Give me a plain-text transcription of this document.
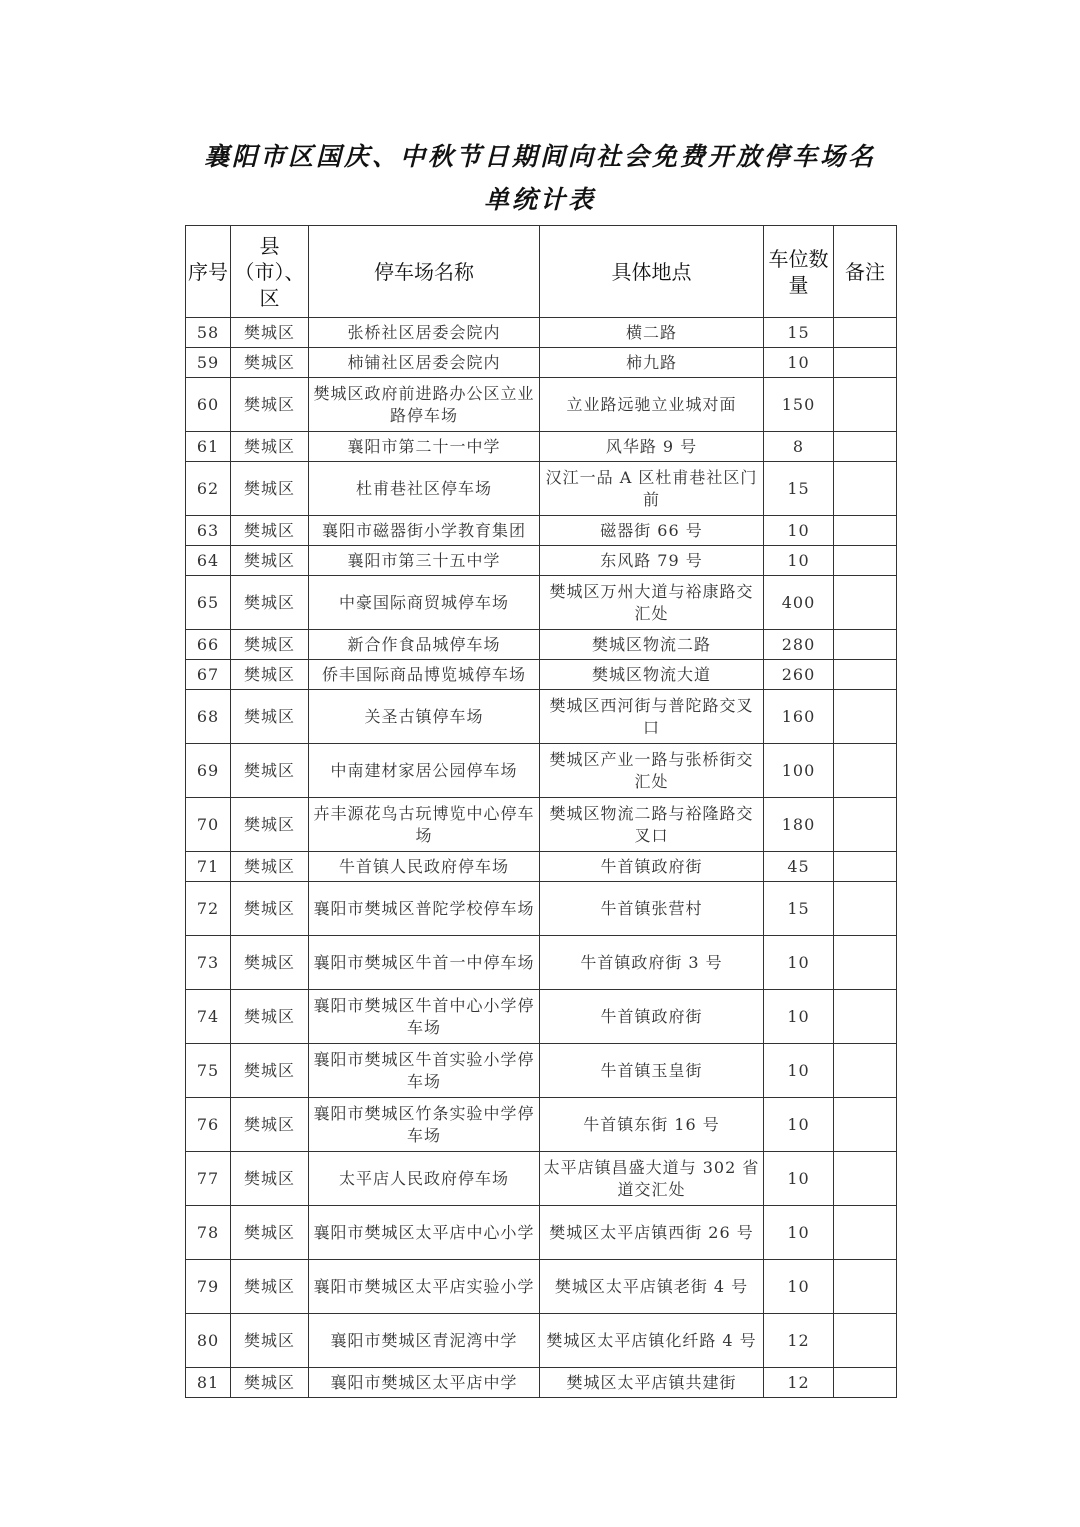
襄阳市区国庆、中秋节日期间向社会免费开放停车场名
单统计表
序号	县（市）、区	停车场名称	具体地点	车位数量	备注
58	樊城区	张桥社区居委会院内	横二路	15	
59	樊城区	柿铺社区居委会院内	柿九路	10	
60	樊城区	樊城区政府前进路办公区立业路停车场	立业路远驰立业城对面	150	
61	樊城区	襄阳市第二十一中学	风华路 9 号	8	
62	樊城区	杜甫巷社区停车场	汉江一品 A 区杜甫巷社区门前	15	
63	樊城区	襄阳市磁器街小学教育集团	磁器街 66 号	10	
64	樊城区	襄阳市第三十五中学	东风路 79 号	10	
65	樊城区	中豪国际商贸城停车场	樊城区万州大道与裕康路交汇处	400	
66	樊城区	新合作食品城停车场	樊城区物流二路	280	
67	樊城区	侨丰国际商品博览城停车场	樊城区物流大道	260	
68	樊城区	关圣古镇停车场	樊城区西河街与普陀路交叉口	160	
69	樊城区	中南建材家居公园停车场	樊城区产业一路与张桥街交汇处	100	
70	樊城区	卉丰源花鸟古玩博览中心停车场	樊城区物流二路与裕隆路交叉口	180	
71	樊城区	牛首镇人民政府停车场	牛首镇政府街	45	
72	樊城区	襄阳市樊城区普陀学校停车场	牛首镇张营村	15	
73	樊城区	襄阳市樊城区牛首一中停车场	牛首镇政府街 3 号	10	
74	樊城区	襄阳市樊城区牛首中心小学停车场	牛首镇政府街	10	
75	樊城区	襄阳市樊城区牛首实验小学停车场	牛首镇玉皇街	10	
76	樊城区	襄阳市樊城区竹条实验中学停车场	牛首镇东街 16 号	10	
77	樊城区	太平店人民政府停车场	太平店镇昌盛大道与 302 省道交汇处	10	
78	樊城区	襄阳市樊城区太平店中心小学	樊城区太平店镇西街 26 号	10	
79	樊城区	襄阳市樊城区太平店实验小学	樊城区太平店镇老街 4 号	10	
80	樊城区	襄阳市樊城区青泥湾中学	樊城区太平店镇化纤路 4 号	12	
81	樊城区	襄阳市樊城区太平店中学	樊城区太平店镇共建街	12	
